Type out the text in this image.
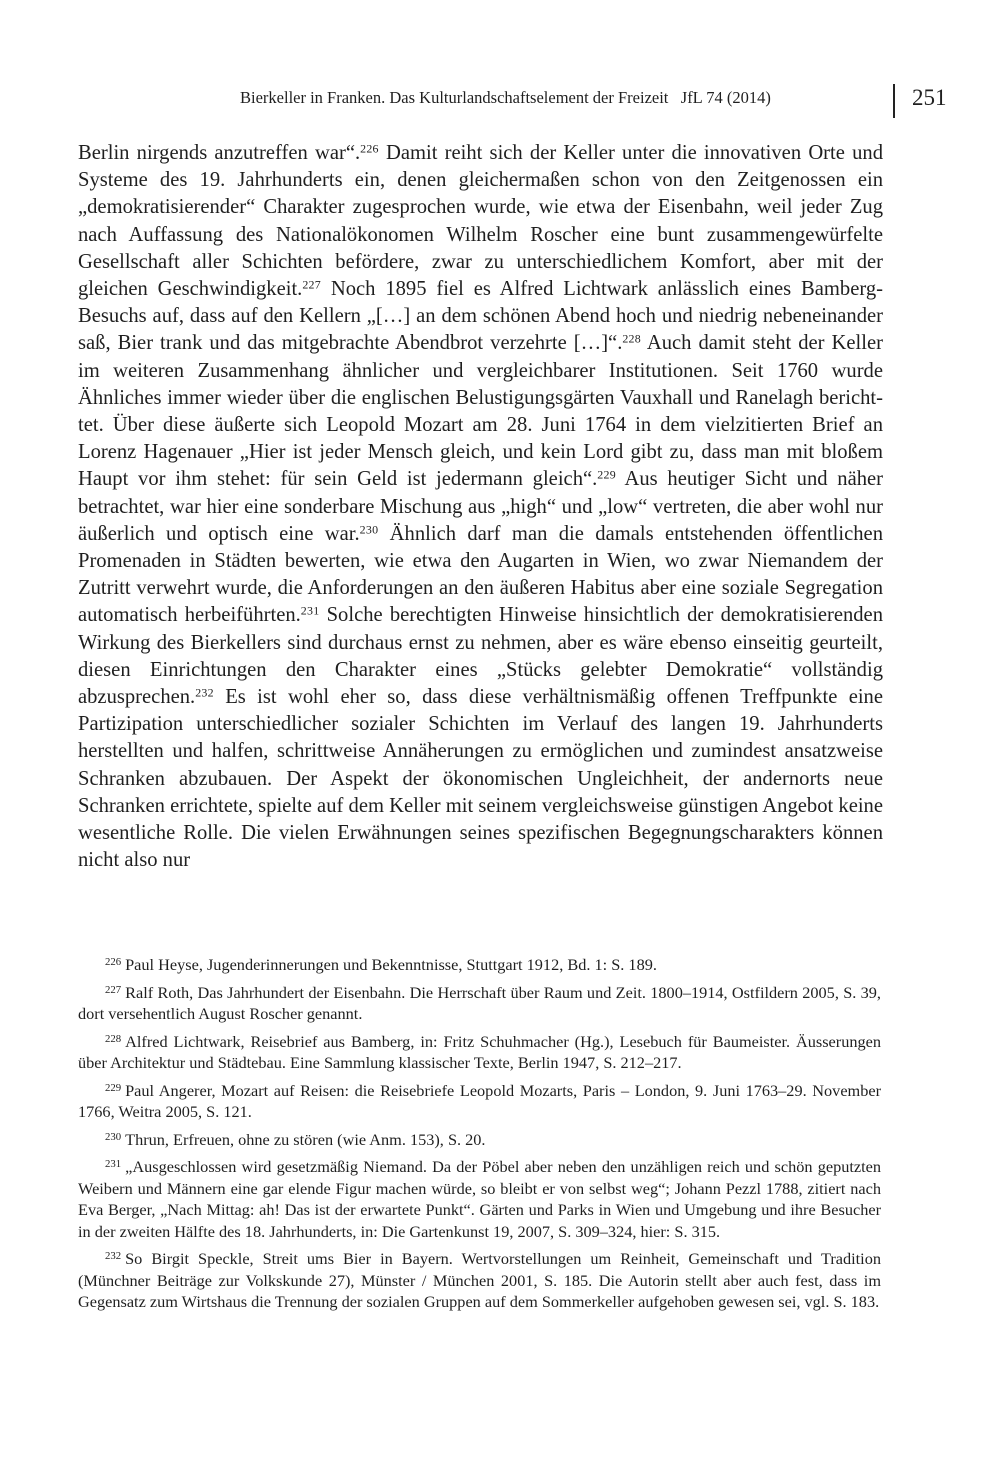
Bierkeller in Franken. Das Kulturlandschaftselement der Freizeit   JfL 74 (2014)	251

Berlin nirgends anzutreffen war“.$^{226}$ Damit reiht sich der Keller unter die innovativen Orte und Systeme des 19. Jahrhunderts ein, denen gleichermaßen schon von den Zeitgenossen ein „demokratisierender“ Charakter zugesprochen wurde, wie etwa der Eisenbahn, weil jeder Zug nach Auffassung des Nationalökonomen Wilhelm Roscher eine bunt zusammengewürfelte Gesellschaft aller Schichten befördere, zwar zu unterschiedlichem Komfort, aber mit der gleichen Geschwindigkeit.$^{227}$ Noch 1895 fiel es Alfred Lichtwark anlässlich eines Bamberg-Besuchs auf, dass auf den Kellern „[…] an dem schönen Abend hoch und niedrig nebeneinander saß, Bier trank und das mitgebrachte Abendbrot verzehrte […]“.$^{228}$ Auch damit steht der Keller im weiteren Zusammenhang ähnlicher und vergleichbarer Institutionen. Seit 1760 wurde Ähnliches immer wieder über die englischen Belustigungsgärten Vauxhall und Ranelagh berichttet. Über diese äußerte sich Leopold Mozart am 28. Juni 1764 in dem vielzitierten Brief an Lorenz Hagenauer „Hier ist jeder Mensch gleich, und kein Lord gibt zu, dass man mit bloßem Haupt vor ihm stehet: für sein Geld ist jedermann gleich“.$^{229}$ Aus heutiger Sicht und näher betrachtet, war hier eine sonderbare Mischung aus „high“ und „low“ vertreten, die aber wohl nur äußerlich und optisch eine war.$^{230}$ Ähnlich darf man die damals entstehenden öffentlichen Promenaden in Städten bewerten, wie etwa den Augarten in Wien, wo zwar Niemandem der Zutritt verwehrt wurde, die Anforderungen an den äußeren Habitus aber eine soziale Segregation automatisch herbeiführten.$^{231}$ Solche berechtigten Hinweise hinsichtlich der demokratisierenden Wirkung des Bierkellers sind durchaus ernst zu nehmen, aber es wäre ebenso einseitig geurteilt, diesen Einrichtungen den Charakter eines „Stücks gelebter Demokratie“ vollständig abzusprechen.$^{232}$ Es ist wohl eher so, dass diese verhältnismäßig offenen Treffpunkte eine Partizipation unterschiedlicher sozialer Schichten im Verlauf des langen 19. Jahrhunderts herstellten und halfen, schrittweise Annäherungen zu ermöglichen und zumindest ansatzweise Schranken abzubauen. Der Aspekt der ökonomischen Ungleichheit, der andernorts neue Schranken errichtete, spielte auf dem Keller mit seinem vergleichsweise günstigen Angebot keine wesentliche Rolle. Die vielen Erwähnungen seines spezifischen Begegnungscharakters können nicht also nur

$^{226}$ Paul Heyse, Jugenderinnerungen und Bekenntnisse, Stuttgart 1912, Bd. 1: S. 189.

$^{227}$ Ralf Roth, Das Jahrhundert der Eisenbahn. Die Herrschaft über Raum und Zeit. 1800–1914, Ostfildern 2005, S. 39, dort versehentlich August Roscher genannt.

$^{228}$ Alfred Lichtwark, Reisebrief aus Bamberg, in: Fritz Schuhmacher (Hg.), Lesebuch für Baumeister. Äusserungen über Architektur und Städtebau. Eine Sammlung klassischer Texte, Berlin 1947, S. 212–217.

$^{229}$ Paul Angerer, Mozart auf Reisen: die Reisebriefe Leopold Mozarts, Paris – London, 9. Juni 1763–29. November 1766, Weitra 2005, S. 121.

$^{230}$ Thrun, Erfreuen, ohne zu stören (wie Anm. 153), S. 20.

$^{231}$ „Ausgeschlossen wird gesetzmäßig Niemand. Da der Pöbel aber neben den unzähligen reich und schön geputzten Weibern und Männern eine gar elende Figur machen würde, so bleibt er von selbst weg“; Johann Pezzl 1788, zitiert nach Eva Berger, „Nach Mittag: ah! Das ist der erwartete Punkt“. Gärten und Parks in Wien und Umgebung und ihre Besucher in der zweiten Hälfte des 18. Jahrhunderts, in: Die Gartenkunst 19, 2007, S. 309–324, hier: S. 315.

$^{232}$ So Birgit Speckle, Streit ums Bier in Bayern. Wertvorstellungen um Reinheit, Gemeinschaft und Tradition (Münchner Beiträge zur Volkskunde 27), Münster / München 2001, S. 185. Die Autorin stellt aber auch fest, dass im Gegensatz zum Wirtshaus die Trennung der sozialen Gruppen auf dem Sommerkeller aufgehoben gewesen sei, vgl. S. 183.
